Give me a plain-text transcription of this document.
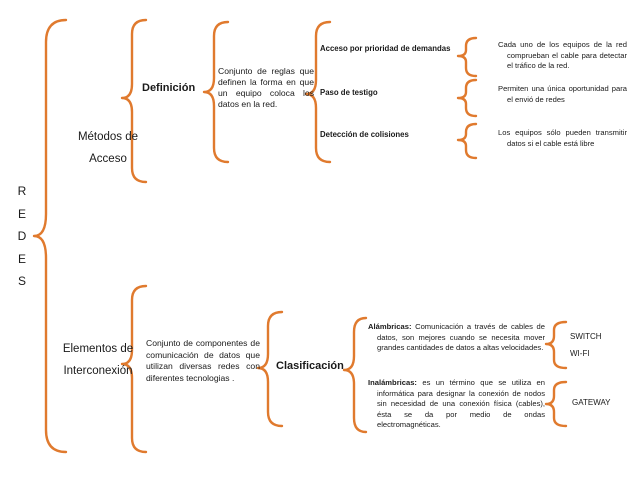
R
E
D
E
S
Métodos de
Acceso
Definición
Conjunto de reglas que definen la forma en que un equipo coloca los datos en la red.
Acceso por prioridad de demandas
Paso de testigo
Detección de colisiones
Cada uno de los equipos de la red comprueban el cable para detectar el tráfico de la red.
Permiten una única oportunidad para el envió de redes
Los equipos sólo pueden transmitir datos si el cable está libre
Elementos de
Interconexión
Conjunto de componentes de comunicación de datos que utilizan diversas redes con diferentes tecnologias .
Clasificación
Alámbricas: Comunicación a través de cables de datos, son mejores cuando se necesita mover grandes cantidades de datos a altas velocidades.
SWITCH
WI-FI
Inalámbricas: es un término que se utiliza en informática para designar la conexión de nodos sin necesidad de una conexión física (cables), ésta se da por medio de ondas electromagnéticas.
GATEWAY
